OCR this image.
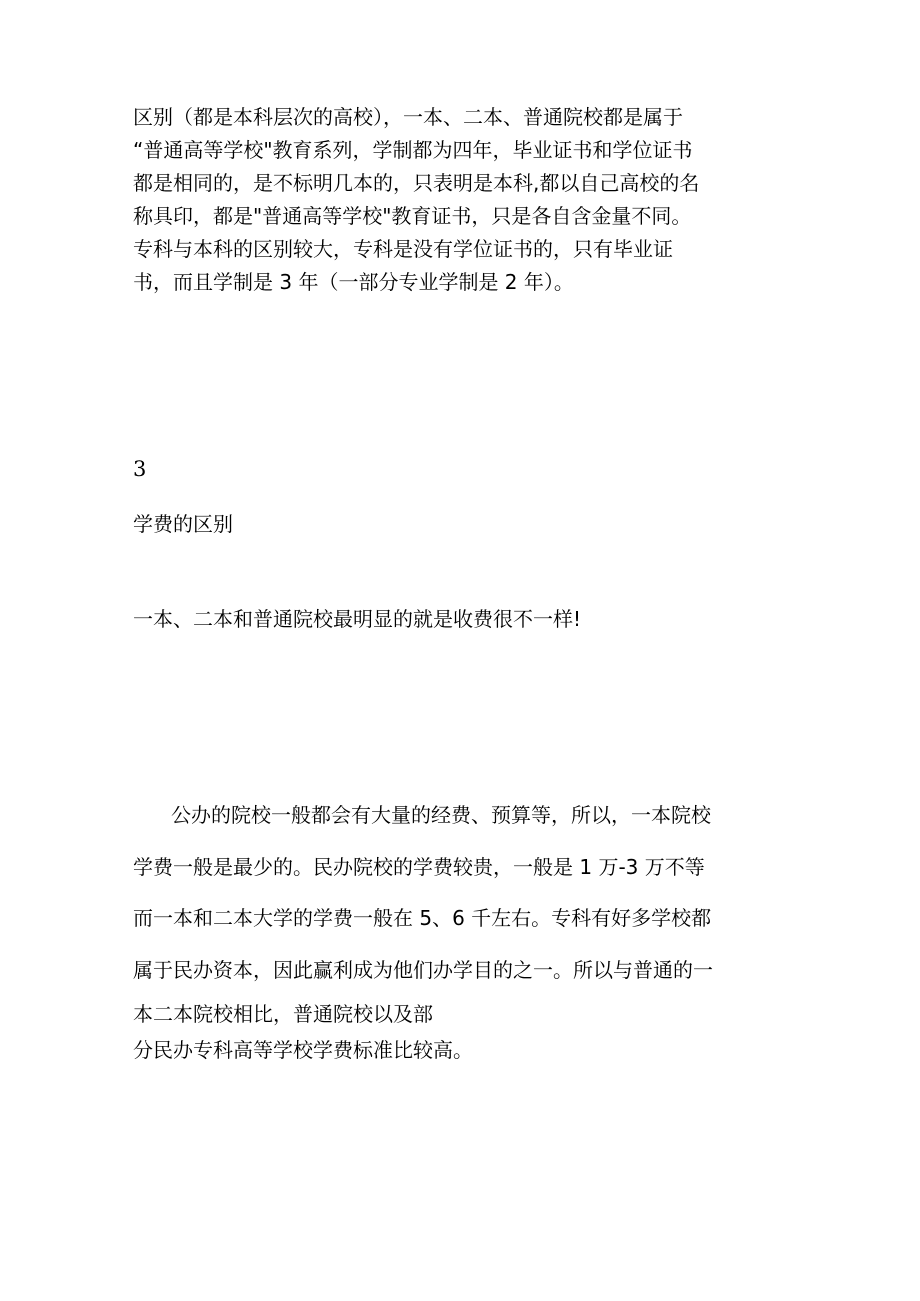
区别（都是本科层次的高校），一本、二本、普通院校都是属于
“普通高等学校"教育系列，学制都为四年，毕业证书和学位证书
都是相同的，是不标明几本的，只表明是本科,都以自己高校的名
称具印，都是"普通高等学校"教育证书，只是各自含金量不同。
专科与本科的区别较大，专科是没有学位证书的，只有毕业证
书，而且学制是 3 年（一部分专业学制是 2 年）。
3
学费的区别
一本、二本和普通院校最明显的就是收费很不一样!
公办的院校一般都会有大量的经费、预算等，所以，一本院校
学费一般是最少的。民办院校的学费较贵，一般是 1 万-3 万不等
而一本和二本大学的学费一般在 5、6 千左右。专科有好多学校都
属于民办资本，因此赢利成为他们办学目的之一。所以与普通的一
本二本院校相比，普通院校以及部
分民办专科高等学校学费标准比较高。
